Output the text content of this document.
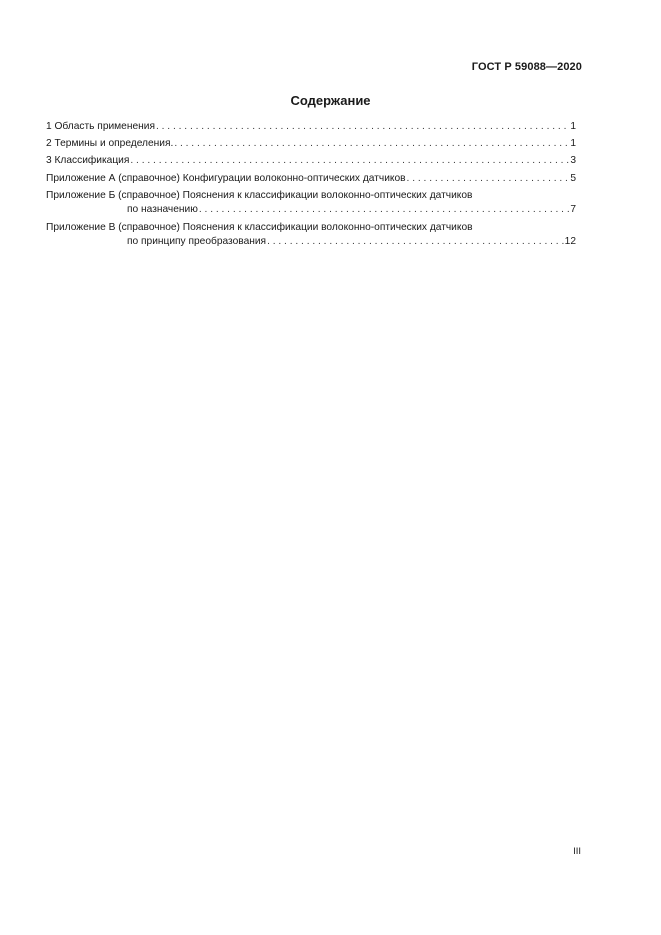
ГОСТ Р 59088—2020
Содержание
1 Область применения . . .	1
2 Термины и определения. . . .	1
3 Классификация . . .	3
Приложение А (справочное) Конфигурации волоконно-оптических датчиков . . .	5
Приложение Б (справочное) Пояснения к классификации волоконно-оптических датчиков
по назначению . . .	7
Приложение В (справочное) Пояснения к классификации волоконно-оптических датчиков
по принципу преобразования . . .	12
III
